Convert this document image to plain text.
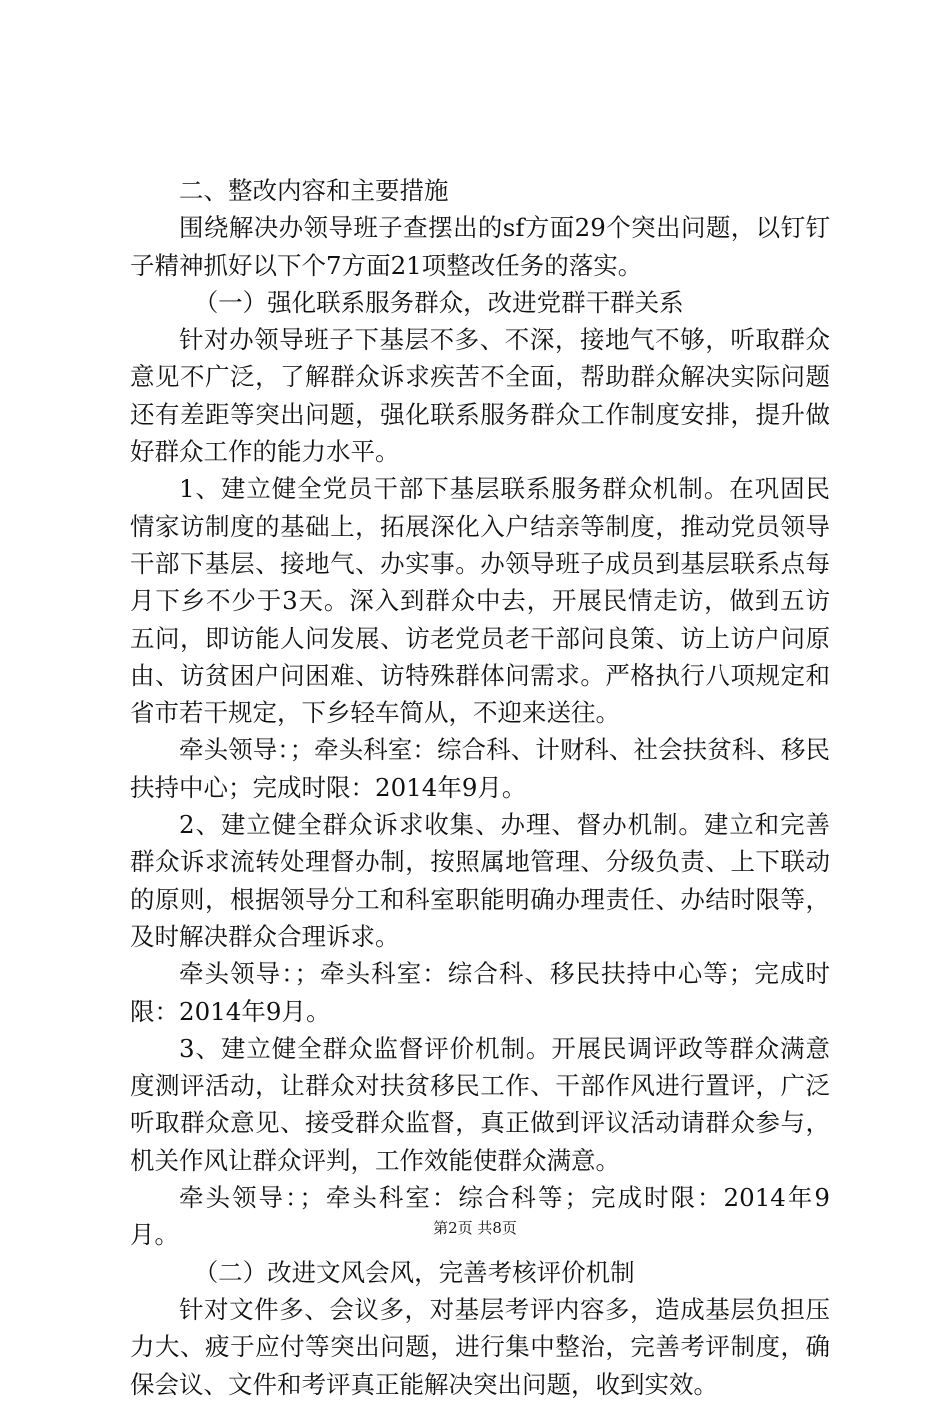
二、整改内容和主要措施

围绕解决办领导班子查摆出的sf方面29个突出问题，以钉钉子精神抓好以下个7方面21项整改任务的落实。

（一）强化联系服务群众，改进党群干群关系

针对办领导班子下基层不多、不深，接地气不够，听取群众意见不广泛，了解群众诉求疾苦不全面，帮助群众解决实际问题还有差距等突出问题，强化联系服务群众工作制度安排，提升做好群众工作的能力水平。

1、建立健全党员干部下基层联系服务群众机制。在巩固民情家访制度的基础上，拓展深化入户结亲等制度，推动党员领导干部下基层、接地气、办实事。办领导班子成员到基层联系点每月下乡不少于3天。深入到群众中去，开展民情走访，做到五访五问，即访能人问发展、访老党员老干部问良策、访上访户问原由、访贫困户问困难、访特殊群体问需求。严格执行八项规定和省市若干规定，下乡轻车简从，不迎来送往。

牵头领导：；牵头科室：综合科、计财科、社会扶贫科、移民扶持中心；完成时限：2014年9月。

2、建立健全群众诉求收集、办理、督办机制。建立和完善群众诉求流转处理督办制，按照属地管理、分级负责、上下联动的原则，根据领导分工和科室职能明确办理责任、办结时限等，及时解决群众合理诉求。

牵头领导：；牵头科室：综合科、移民扶持中心等；完成时限：2014年9月。

3、建立健全群众监督评价机制。开展民调评政等群众满意度测评活动，让群众对扶贫移民工作、干部作风进行置评，广泛听取群众意见、接受群众监督，真正做到评议活动请群众参与，机关作风让群众评判，工作效能使群众满意。

牵头领导：；牵头科室：综合科等；完成时限：2014年9月。

（二）改进文风会风，完善考核评价机制

针对文件多、会议多，对基层考评内容多，造成基层负担压力大、疲于应付等突出问题，进行集中整治，完善考评制度，确保会议、文件和考评真正能解决突出问题，收到实效。

第2页 共8页
